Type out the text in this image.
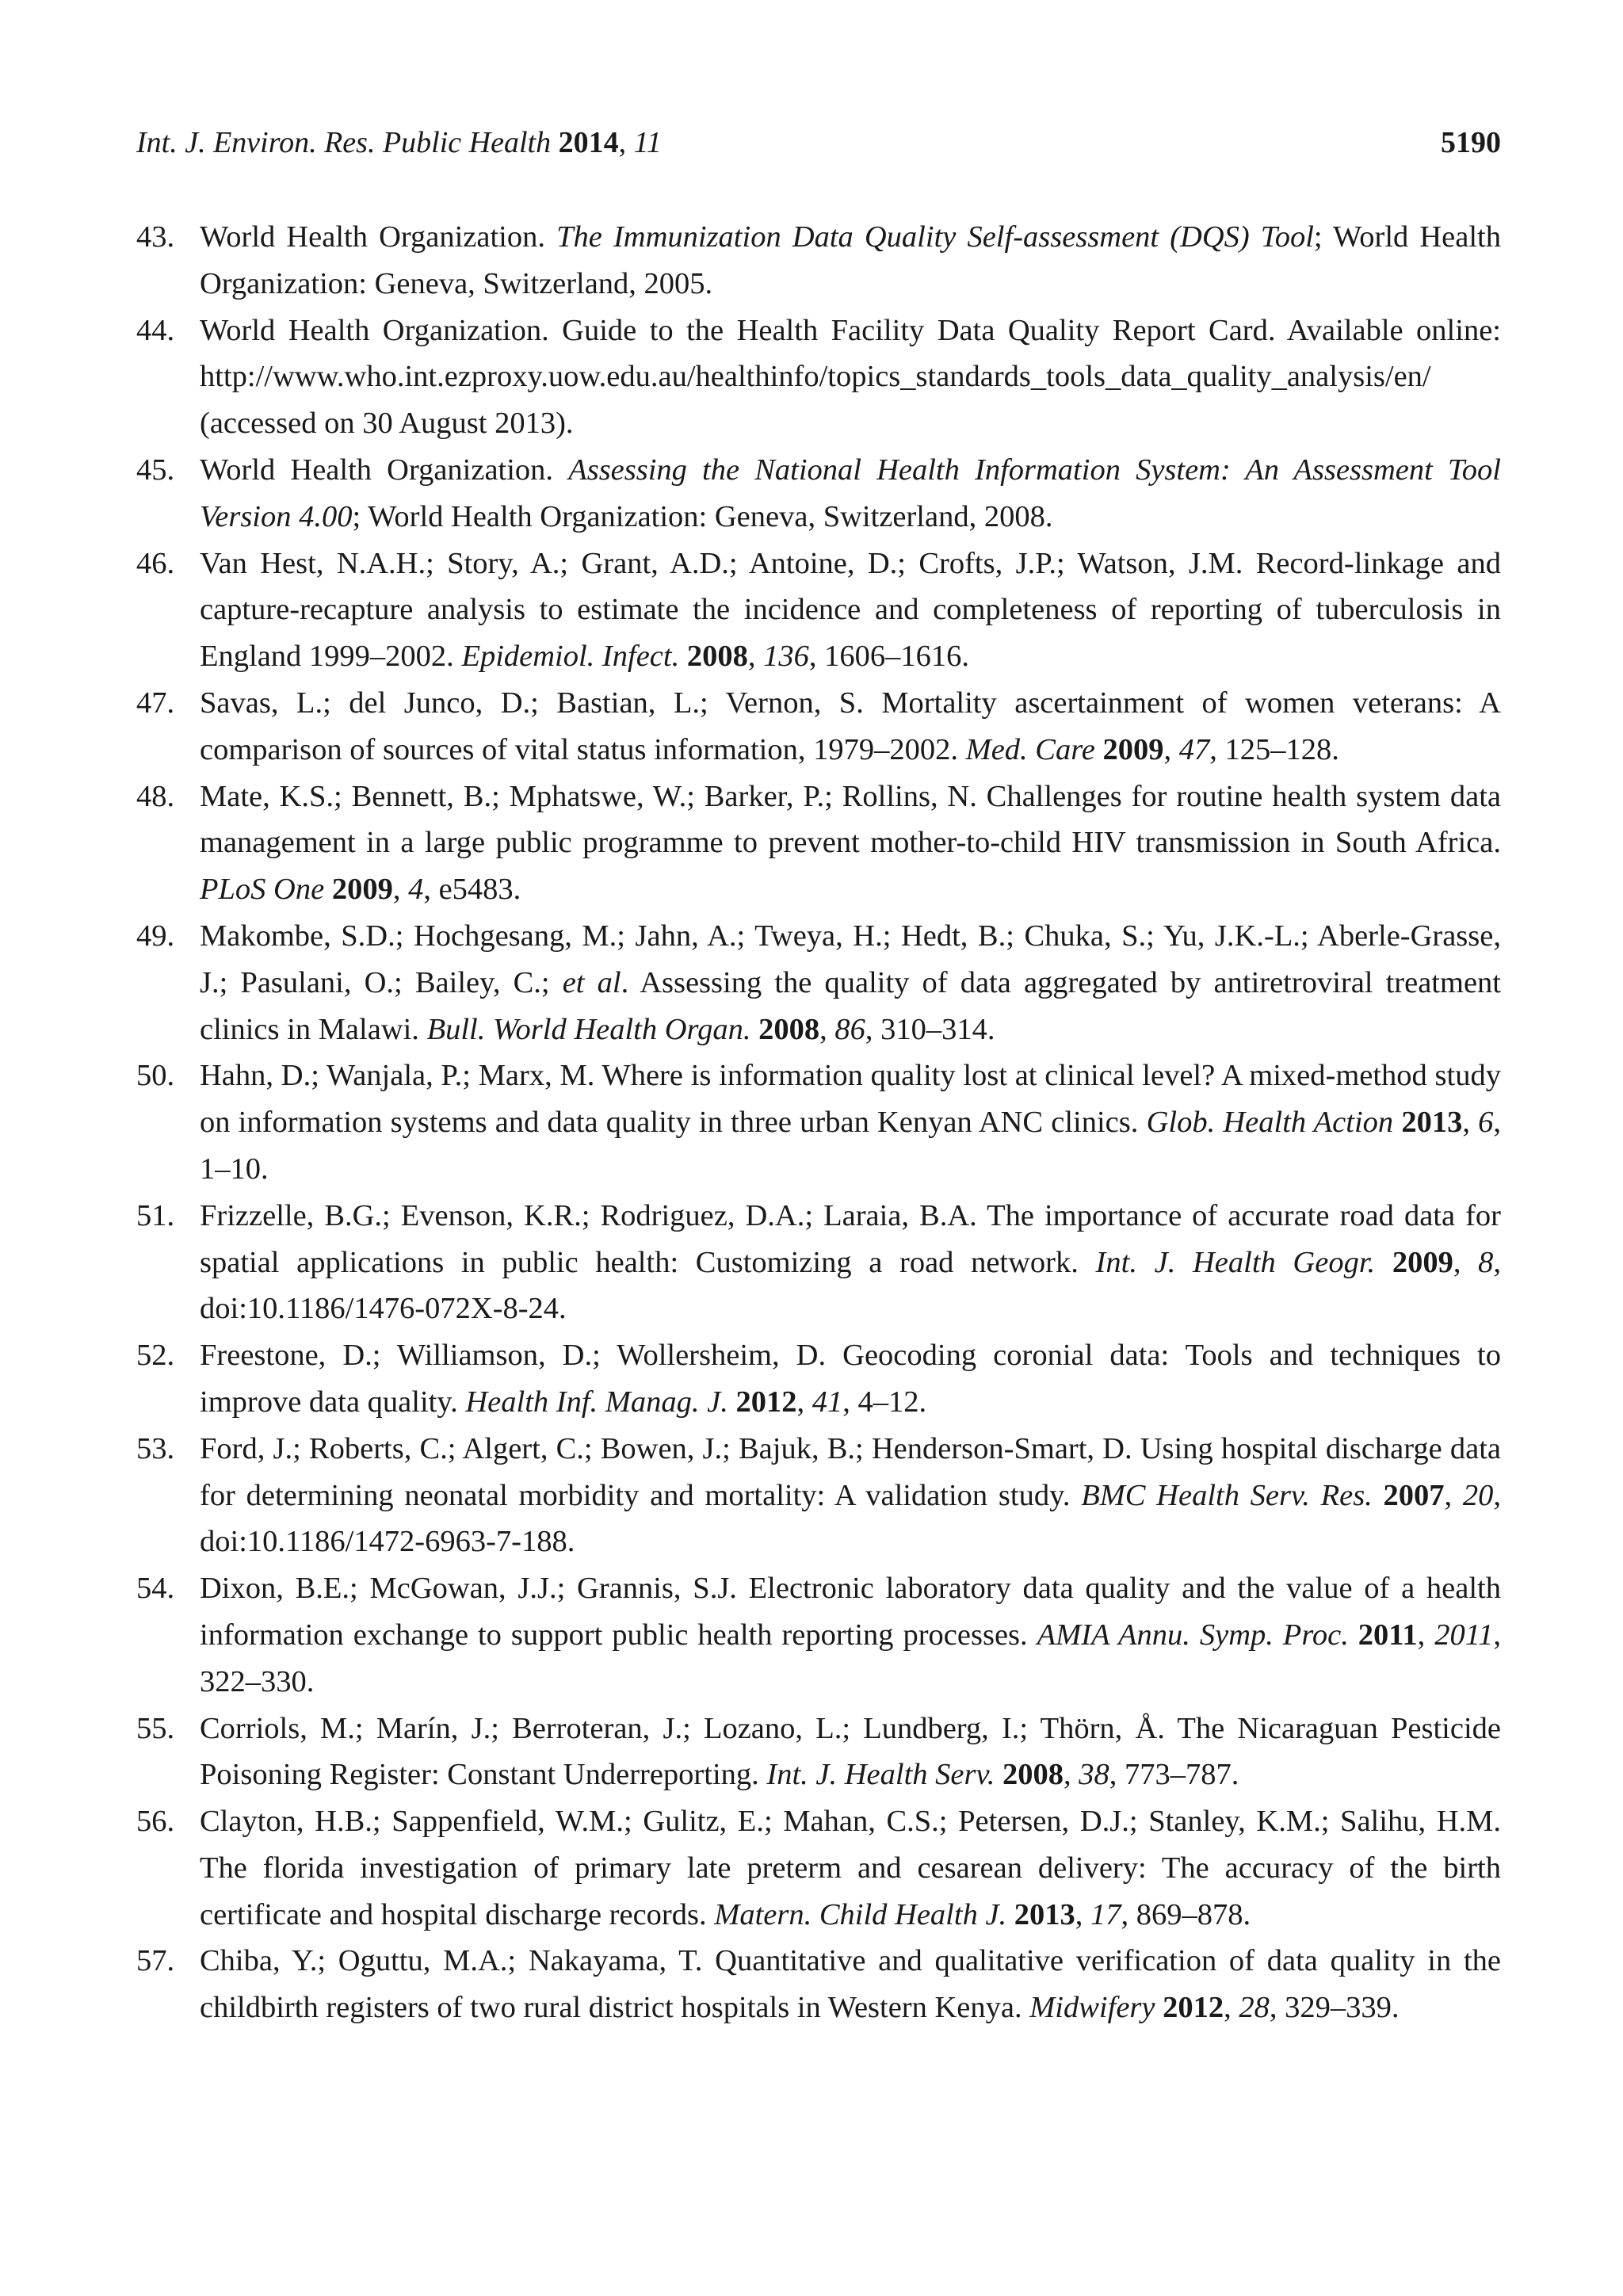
Int. J. Environ. Res. Public Health 2014, 11	5190
43. World Health Organization. The Immunization Data Quality Self-assessment (DQS) Tool; World Health Organization: Geneva, Switzerland, 2005.
44. World Health Organization. Guide to the Health Facility Data Quality Report Card. Available online: http://www.who.int.ezproxy.uow.edu.au/healthinfo/topics_standards_tools_data_quality_analysis/en/ (accessed on 30 August 2013).
45. World Health Organization. Assessing the National Health Information System: An Assessment Tool Version 4.00; World Health Organization: Geneva, Switzerland, 2008.
46. Van Hest, N.A.H.; Story, A.; Grant, A.D.; Antoine, D.; Crofts, J.P.; Watson, J.M. Record-linkage and capture-recapture analysis to estimate the incidence and completeness of reporting of tuberculosis in England 1999–2002. Epidemiol. Infect. 2008, 136, 1606–1616.
47. Savas, L.; del Junco, D.; Bastian, L.; Vernon, S. Mortality ascertainment of women veterans: A comparison of sources of vital status information, 1979–2002. Med. Care 2009, 47, 125–128.
48. Mate, K.S.; Bennett, B.; Mphatswe, W.; Barker, P.; Rollins, N. Challenges for routine health system data management in a large public programme to prevent mother-to-child HIV transmission in South Africa. PLoS One 2009, 4, e5483.
49. Makombe, S.D.; Hochgesang, M.; Jahn, A.; Tweya, H.; Hedt, B.; Chuka, S.; Yu, J.K.-L.; Aberle-Grasse, J.; Pasulani, O.; Bailey, C.; et al. Assessing the quality of data aggregated by antiretroviral treatment clinics in Malawi. Bull. World Health Organ. 2008, 86, 310–314.
50. Hahn, D.; Wanjala, P.; Marx, M. Where is information quality lost at clinical level? A mixed-method study on information systems and data quality in three urban Kenyan ANC clinics. Glob. Health Action 2013, 6, 1–10.
51. Frizzelle, B.G.; Evenson, K.R.; Rodriguez, D.A.; Laraia, B.A. The importance of accurate road data for spatial applications in public health: Customizing a road network. Int. J. Health Geogr. 2009, 8, doi:10.1186/1476-072X-8-24.
52. Freestone, D.; Williamson, D.; Wollersheim, D. Geocoding coronial data: Tools and techniques to improve data quality. Health Inf. Manag. J. 2012, 41, 4–12.
53. Ford, J.; Roberts, C.; Algert, C.; Bowen, J.; Bajuk, B.; Henderson-Smart, D. Using hospital discharge data for determining neonatal morbidity and mortality: A validation study. BMC Health Serv. Res. 2007, 20, doi:10.1186/1472-6963-7-188.
54. Dixon, B.E.; McGowan, J.J.; Grannis, S.J. Electronic laboratory data quality and the value of a health information exchange to support public health reporting processes. AMIA Annu. Symp. Proc. 2011, 2011, 322–330.
55. Corriols, M.; Marín, J.; Berroteran, J.; Lozano, L.; Lundberg, I.; Thörn, Å. The Nicaraguan Pesticide Poisoning Register: Constant Underreporting. Int. J. Health Serv. 2008, 38, 773–787.
56. Clayton, H.B.; Sappenfield, W.M.; Gulitz, E.; Mahan, C.S.; Petersen, D.J.; Stanley, K.M.; Salihu, H.M. The florida investigation of primary late preterm and cesarean delivery: The accuracy of the birth certificate and hospital discharge records. Matern. Child Health J. 2013, 17, 869–878.
57. Chiba, Y.; Oguttu, M.A.; Nakayama, T. Quantitative and qualitative verification of data quality in the childbirth registers of two rural district hospitals in Western Kenya. Midwifery 2012, 28, 329–339.
